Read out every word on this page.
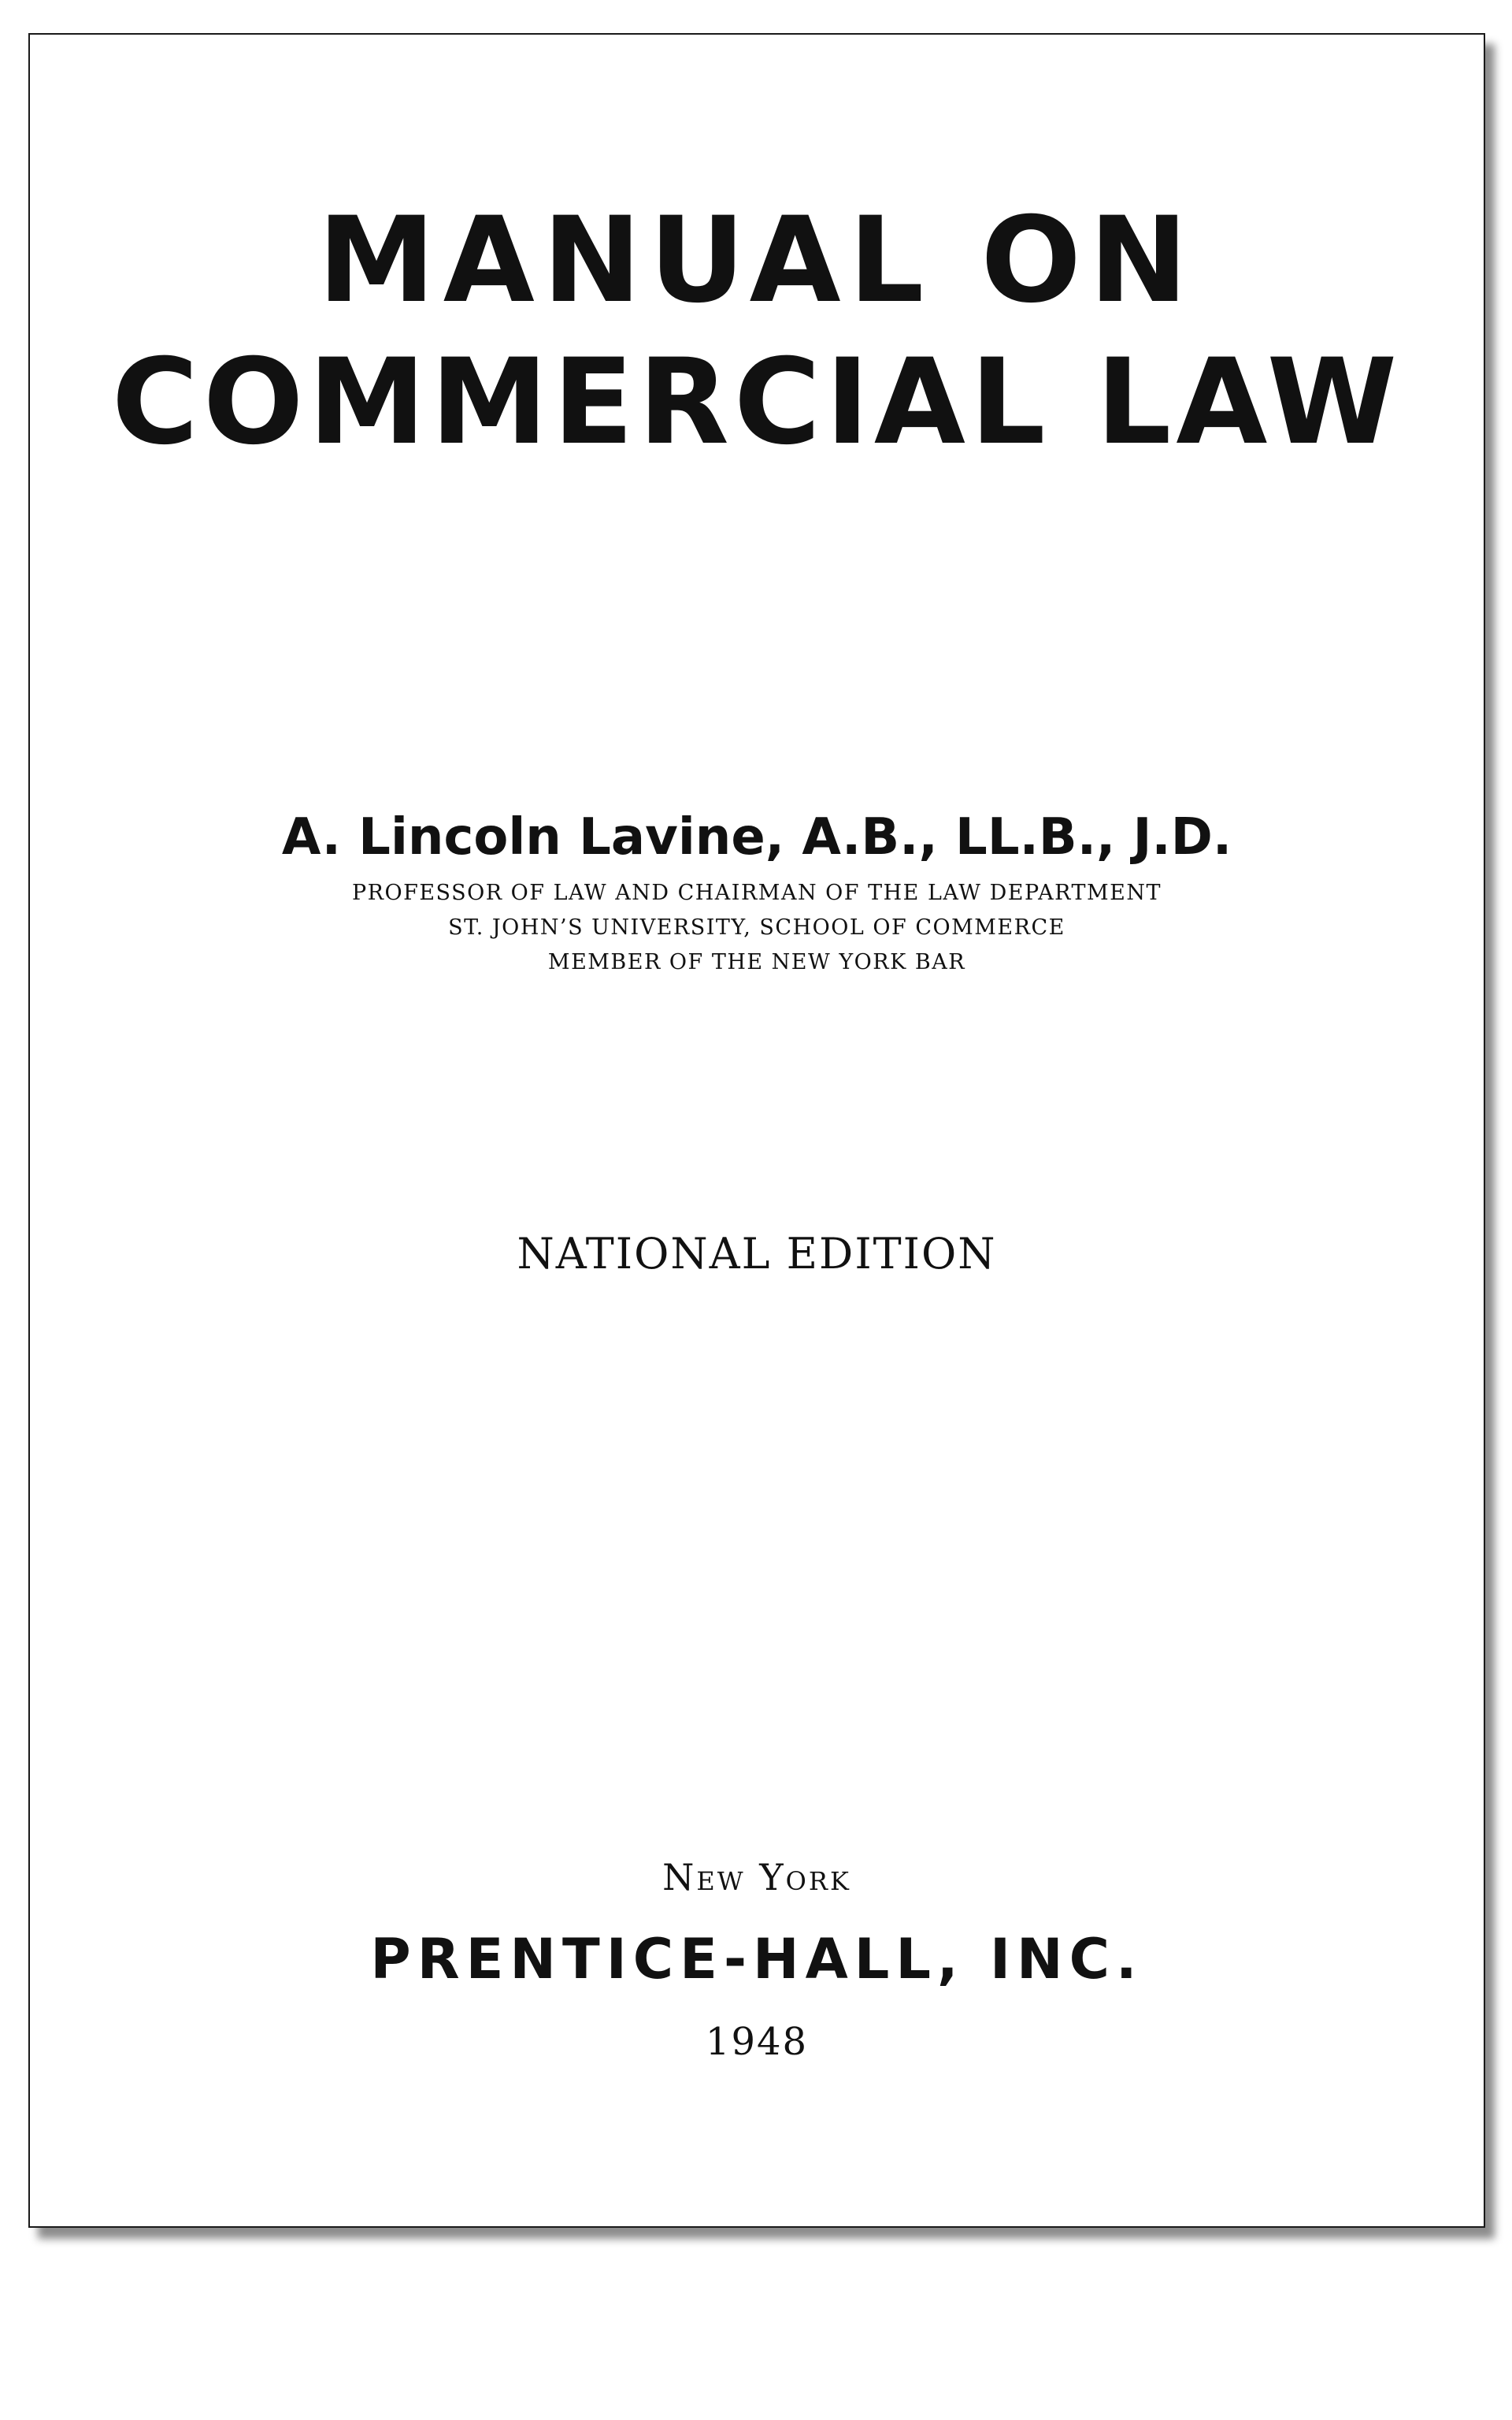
MANUAL ON
COMMERCIAL LAW
A. Lincoln Lavine, A.B., LL.B., J.D.
PROFESSOR OF LAW AND CHAIRMAN OF THE LAW DEPARTMENT
ST. JOHN’S UNIVERSITY, SCHOOL OF COMMERCE
MEMBER OF THE NEW YORK BAR
NATIONAL EDITION
New York
PRENTICE-HALL, INC.
1948
